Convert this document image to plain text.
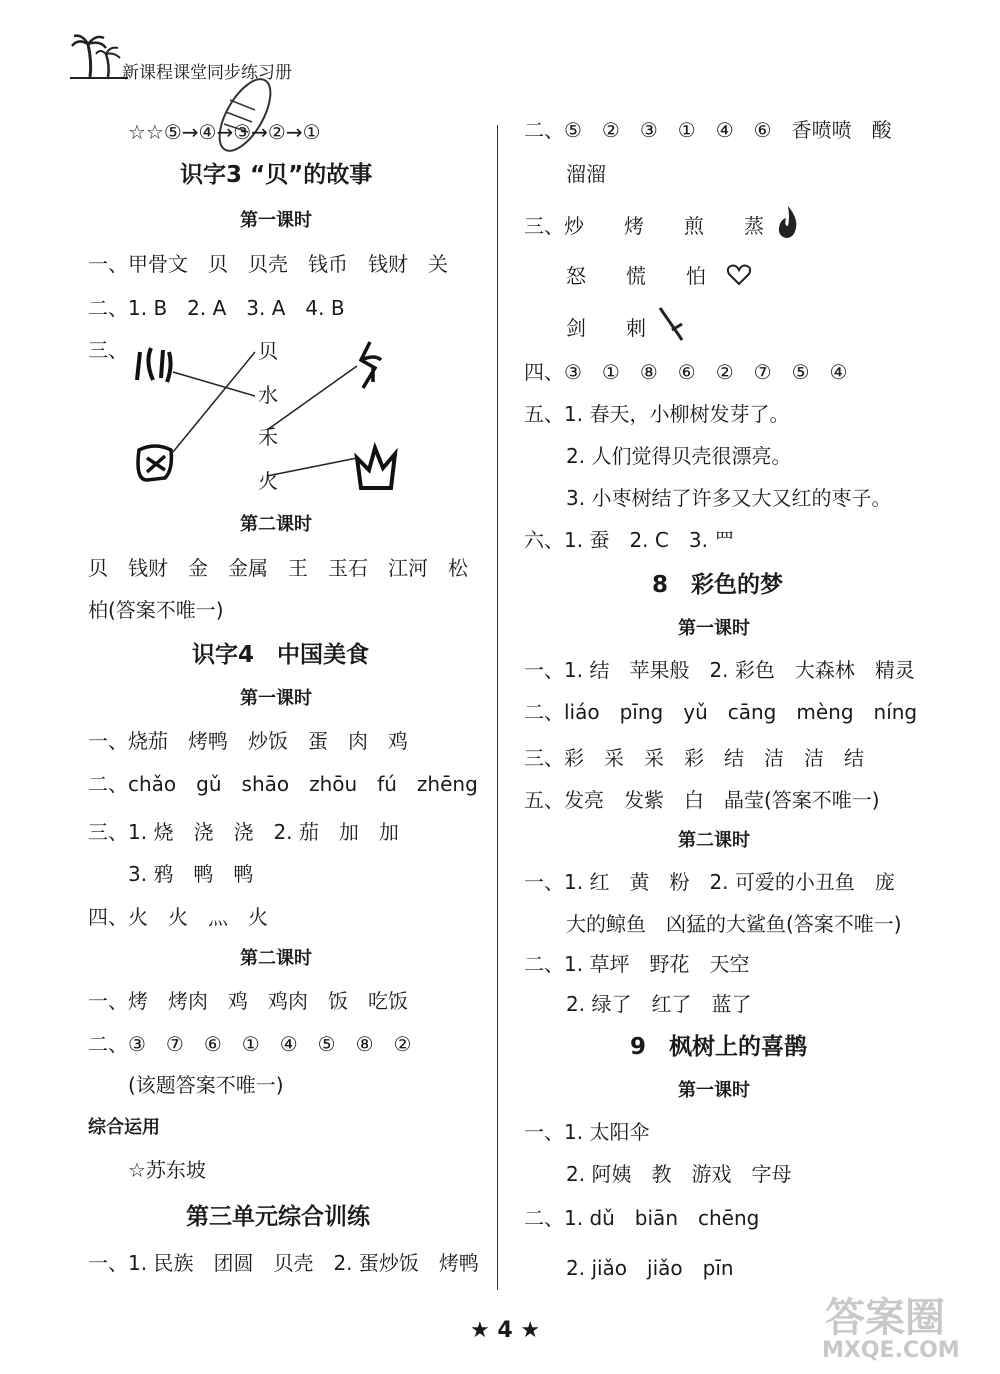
新课程课堂同步练习册
☆☆⑤→④→③→②→①
识字3 “贝”的故事
第一课时
一、甲骨文　贝　贝壳　钱币　钱财　关
二、1. B　2. A　3. A　4. B
三、	贝
水
禾
火
第二课时
贝　钱财　金　金属　王　玉石　江河　松
柏(答案不唯一)
识字4　中国美食
第一课时
一、烧茄　烤鸭　炒饭　蛋　肉　鸡
二、chǎo　gǔ　shāo　zhōu　fú　zhēng
三、1. 烧　浇　浇　2. 茄　加　加
3. 鸦　鸭　鸭
四、火　火　灬　火
第二课时
一、烤　烤肉　鸡　鸡肉　饭　吃饭
二、③　⑦　⑥　①　④　⑤　⑧　②
(该题答案不唯一)
综合运用
☆苏东坡
第三单元综合训练
一、1. 民族　团圆　贝壳　2. 蛋炒饭　烤鸭
二、⑤　②　③　①　④　⑥　香喷喷　酸
溜溜
三、炒　　烤　　煎　　蒸
怒　　慌　　怕
剑　　刺
四、③　①　⑧　⑥　②　⑦　⑤　④
五、1. 春天，小柳树发芽了。
2. 人们觉得贝壳很漂亮。
3. 小枣树结了许多又大又红的枣子。
六、1. 蚕　2. C　3. 罒
8　彩色的梦
第一课时
一、1. 结　苹果般　2. 彩色　大森林　精灵
二、liáo　pīng　yǔ　cāng　mèng　níng
三、彩　采　采　彩　结　洁　洁　结
五、发亮　发紫　白　晶莹(答案不唯一)
第二课时
一、1. 红　黄　粉　2. 可爱的小丑鱼　庞
大的鲸鱼　凶猛的大鲨鱼(答案不唯一)
二、1. 草坪　野花　天空
2. 绿了　红了　蓝了
9　枫树上的喜鹊
第一课时
一、1. 太阳伞
2. 阿姨　教　游戏　字母
二、1. dǔ　biān　chēng
2. jiǎo　jiǎo　pīn
★ 4 ★	答案圈
MXQE.COM
